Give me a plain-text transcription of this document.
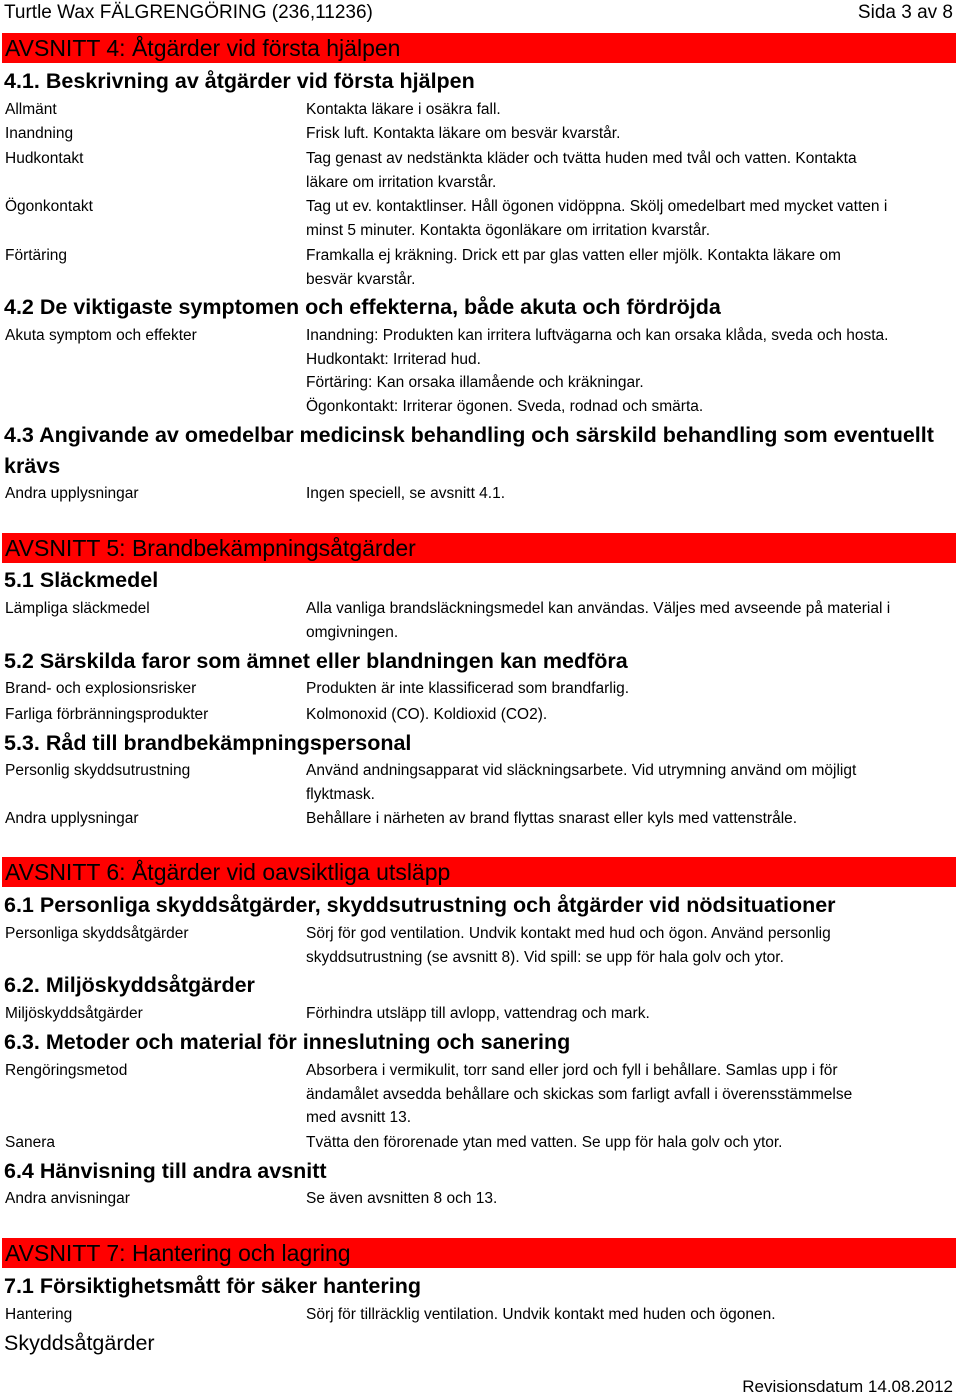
Turtle Wax FÄLGRENGÖRING (236,11236)	Sida 3 av 8
AVSNITT 4: Åtgärder vid första hjälpen
4.1. Beskrivning av åtgärder vid första hjälpen
Allmänt	Kontakta läkare i osäkra fall.
Inandning	Frisk luft. Kontakta läkare om besvär kvarstår.
Hudkontakt	Tag genast av nedstänkta kläder och tvätta huden med tvål och vatten. Kontakta läkare om irritation kvarstår.
Ögonkontakt	Tag ut ev. kontaktlinser. Håll ögonen vidöppna. Skölj omedelbart med mycket vatten i minst 5 minuter. Kontakta ögonläkare om irritation kvarstår.
Förtäring	Framkalla ej kräkning. Drick ett par glas vatten eller mjölk. Kontakta läkare om besvär kvarstår.
4.2 De viktigaste symptomen och effekterna, både akuta och fördröjda
Akuta symptom och effekter	Inandning: Produkten kan irritera luftvägarna och kan orsaka klåda, sveda och hosta. Hudkontakt: Irriterad hud.
Förtäring: Kan orsaka illamående och kräkningar.
Ögonkontakt: Irriterar ögonen. Sveda, rodnad och smärta.
4.3 Angivande av omedelbar medicinsk behandling och särskild behandling som eventuellt krävs
Andra upplysningar	Ingen speciell, se avsnitt 4.1.
AVSNITT 5: Brandbekämpningsåtgärder
5.1 Släckmedel
Lämpliga släckmedel	Alla vanliga brandsläckningsmedel kan användas. Väljes med avseende på material i omgivningen.
5.2 Särskilda faror som ämnet eller blandningen kan medföra
Brand- och explosionsrisker	Produkten är inte klassificerad som brandfarlig.
Farliga förbränningsprodukter	Kolmonoxid (CO). Koldioxid (CO2).
5.3. Råd till brandbekämpningspersonal
Personlig skyddsutrustning	Använd andningsapparat vid släckningsarbete. Vid utrymning använd om möjligt flyktmask.
Andra upplysningar	Behållare i närheten av brand flyttas snarast eller kyls med vattenstråle.
AVSNITT 6: Åtgärder vid oavsiktliga utsläpp
6.1 Personliga skyddsåtgärder, skyddsutrustning och åtgärder vid nödsituationer
Personliga skyddsåtgärder	Sörj för god ventilation. Undvik kontakt med hud och ögon. Använd personlig skyddsutrustning (se avsnitt 8). Vid spill: se upp för hala golv och ytor.
6.2. Miljöskyddsåtgärder
Miljöskyddsåtgärder	Förhindra utsläpp till avlopp, vattendrag och mark.
6.3. Metoder och material för inneslutning och sanering
Rengöringsmetod	Absorbera i vermikulit, torr sand eller jord och fyll i behållare. Samlas upp i för ändamålet avsedda behållare och skickas som farligt avfall i överensstämmelse med avsnitt 13.
Sanera	Tvätta den förorenade ytan med vatten. Se upp för hala golv och ytor.
6.4 Hänvisning till andra avsnitt
Andra anvisningar	Se även avsnitten 8 och 13.
AVSNITT 7: Hantering och lagring
7.1 Försiktighetsmått för säker hantering
Hantering	Sörj för tillräcklig ventilation. Undvik kontakt med huden och ögonen.
Skyddsåtgärder
Revisionsdatum 14.08.2012
